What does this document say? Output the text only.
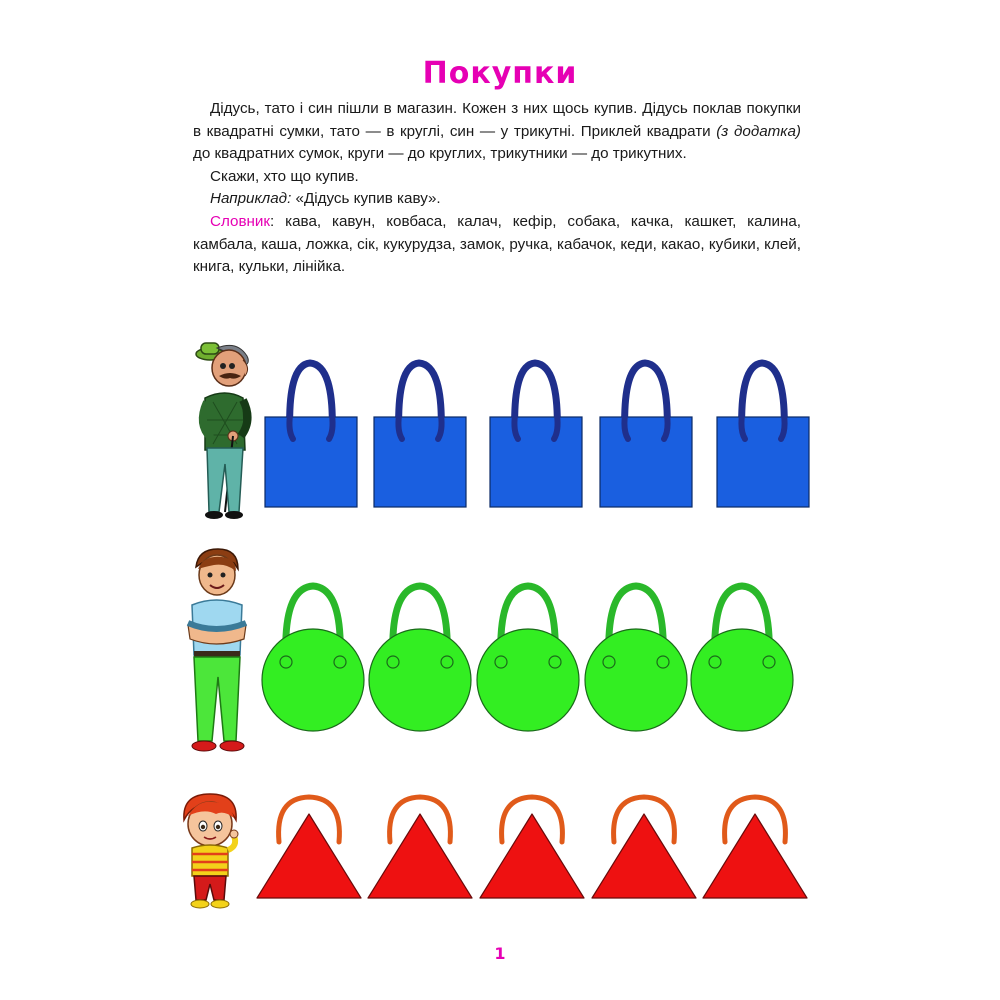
Покупки

Дідусь, тато і син пішли в магазин. Кожен з них щось купив. Дідусь поклав покупки в квадратні сумки, тато — в круглі, син — у трикутні. Приклей квадрати (з додатка) до квадратних сумок, круги — до круглих, трикутники — до трикутних.

Скажи, хто що купив.

Наприклад: «Дідусь купив каву».

Словник: кава, кавун, ковбаса, калач, кефір, собака, качка, кашкет, калина, камбала, каша, ложка, сік, кукурудза, замок, ручка, кабачок, кеди, какао, кубики, клей, книга, кульки, лінійка.

1
